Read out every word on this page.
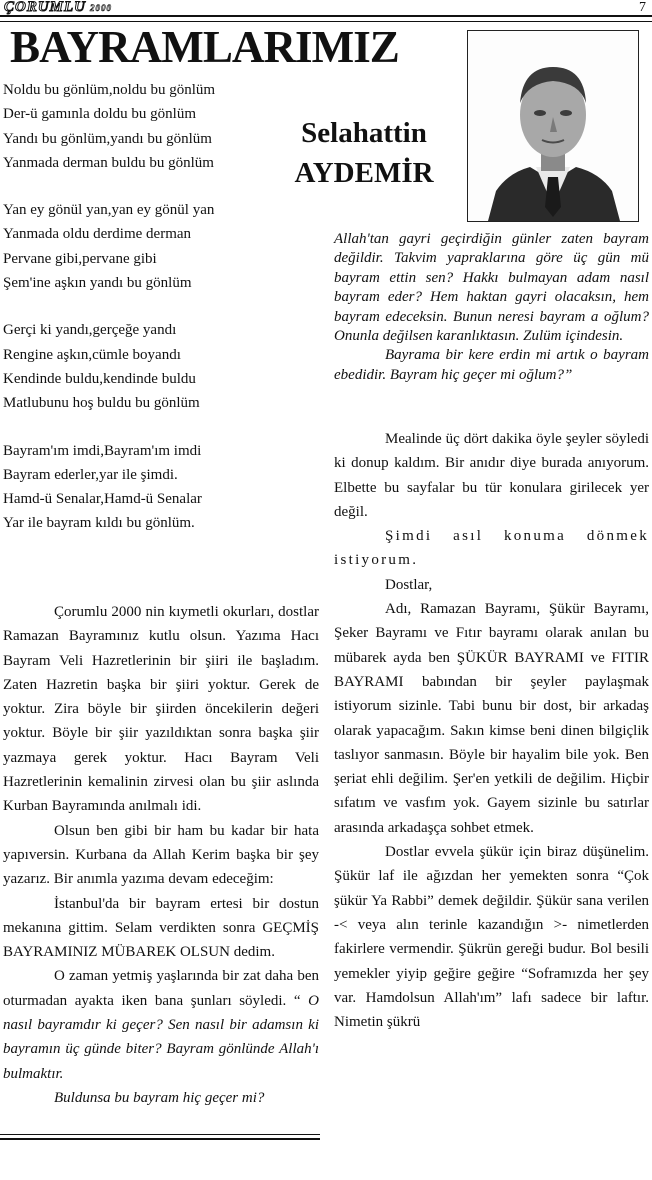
ÇORUMLU 2000	7
BAYRAMLARIMIZ
Selahattin
AYDEMİR
Noldu bu gönlüm,noldu bu gönlüm
Der-ü gamınla doldu bu gönlüm
Yandı bu gönlüm,yandı bu gönlüm
Yanmada derman buldu bu gönlüm
Yan ey gönül yan,yan ey gönül yan
Yanmada oldu derdime derman
Pervane gibi,pervane gibi
Şem'ine aşkın yandı bu gönlüm
Gerçi ki yandı,gerçeğe yandı
Rengine aşkın,cümle boyandı
Kendinde buldu,kendinde buldu
Matlubunu hoş buldu bu gönlüm
Bayram'ım imdi,Bayram'ım imdi
Bayram ederler,yar ile şimdi.
Hamd-ü Senalar,Hamd-ü Senalar
Yar ile bayram kıldı bu gönlüm.

Çorumlu 2000 nin kıymetli okurları, dostlar Ramazan Bayramınız kutlu olsun. Yazıma Hacı Bayram Veli Hazretlerinin bir şiiri ile başladım. Zaten Hazretin başka bir şiiri yoktur. Gerek de yoktur. Zira böyle bir şiirden öncekilerin değeri yoktur. Böyle bir şiir yazıldıktan sonra başka şiir yazmaya gerek yoktur. Hacı Bayram Veli Hazretlerinin kemalinin zirvesi olan bu şiir aslında Kurban Bayramında anılmalı idi.

Olsun ben gibi bir ham bu kadar bir hata yapıversin. Kurbana da Allah Kerim başka bir şey yazarız. Bir anımla yazıma devam edeceğim:

İstanbul'da bir bayram ertesi bir dostun mekanına gittim. Selam verdikten sonra GEÇMİŞ BAYRAMINIZ MÜBAREK OLSUN dedim.

O zaman yetmiş yaşlarında bir zat daha ben oturmadan ayakta iken bana şunları söyledi. “ O nasıl bayramdır ki geçer? Sen nasıl bir adamsın ki bayramın üç günde biter? Bayram gönlünde Allah'ı bulmaktır.

Buldunsa bu bayram hiç geçer mi?

Allah'tan gayri geçirdiğin günler zaten bayram değildir. Takvim yapraklarına göre üç gün mü bayram ettin sen? Hakkı bulmayan adam nasıl bayram eder? Hem haktan gayri olacaksın, hem bayram edeceksin. Bunun neresi bayram a oğlum? Onunla değilsen karanlıktasın. Zulüm içindesin.

Bayrama bir kere erdin mi artık o bayram ebedidir. Bayram hiç geçer mi oğlum?”

Mealinde üç dört dakika öyle şeyler söyledi ki donup kaldım. Bir anıdır diye burada anıyorum. Elbette bu sayfalar bu tür konulara girilecek yer değil.

Şimdi asıl konuma dönmek istiyorum.

Dostlar,

Adı, Ramazan Bayramı, Şükür Bayramı, Şeker Bayramı ve Fıtır bayramı olarak anılan bu mübarek ayda ben ŞÜKÜR BAYRAMI ve FITIR BAYRAMI babından bir şeyler paylaşmak istiyorum sizinle. Tabi bunu bir dost, bir arkadaş olarak yapacağım. Sakın kimse beni dinen bilgiçlik taslıyor sanmasın. Böyle bir hayalim bile yok. Ben şeriat ehli değilim. Şer'en yetkili de değilim. Hiçbir sıfatım ve vasfım yok. Gayem sizinle bu satırlar arasında arkadaşça sohbet etmek.

Dostlar evvela şükür için biraz düşünelim. Şükür laf ile ağızdan her yemekten sonra “Çok şükür Ya Rabbi” demek değildir. Şükür sana verilen -< veya alın terinle kazandığın >- nimetlerden fakirlere vermendir. Şükrün gereği budur. Bol besili yemekler yiyip geğire geğire “Soframızda her şey var. Hamdolsun Allah'ım” lafı sadece bir laftır. Nimetin şükrü
